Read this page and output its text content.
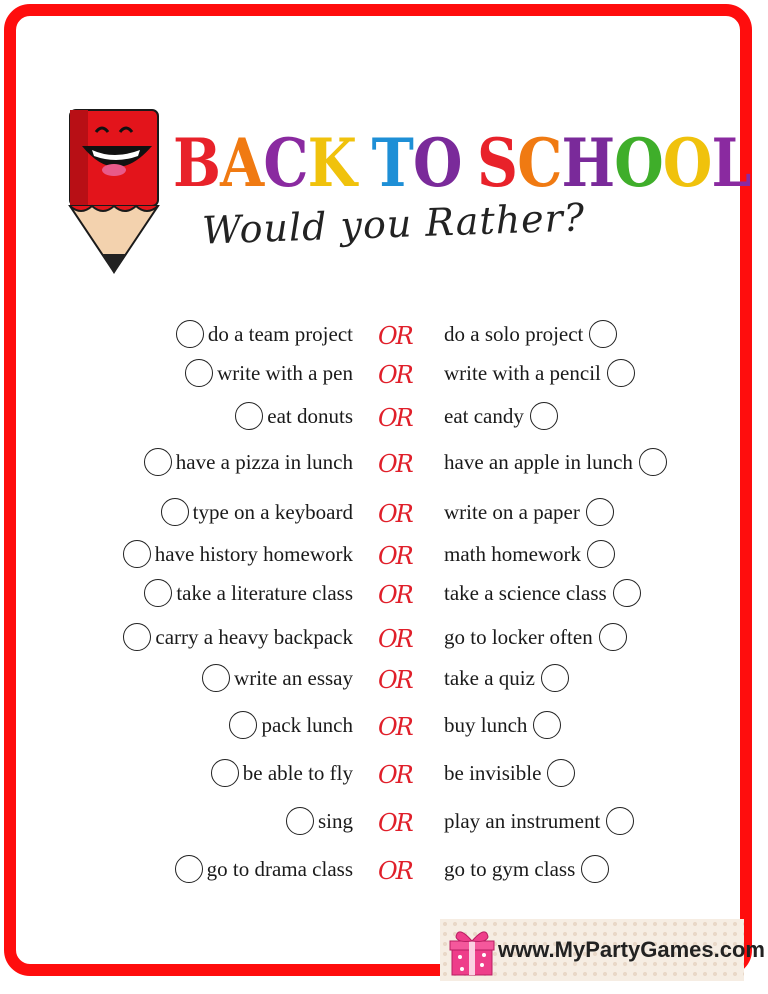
BACK TO SCHOOL
Would you Rather?
do a team project OR do a solo project
write with a pen OR write with a pencil
eat donuts OR eat candy
have a pizza in lunch OR have an apple in lunch
type on a keyboard OR write on a paper
have history homework OR math homework
take a literature class OR take a science class
carry a heavy backpack OR go to locker often
write an essay OR take a quiz
pack lunch OR buy lunch
be able to fly OR be invisible
sing OR play an instrument
go to drama class OR go to gym class
www.MyPartyGames.com
